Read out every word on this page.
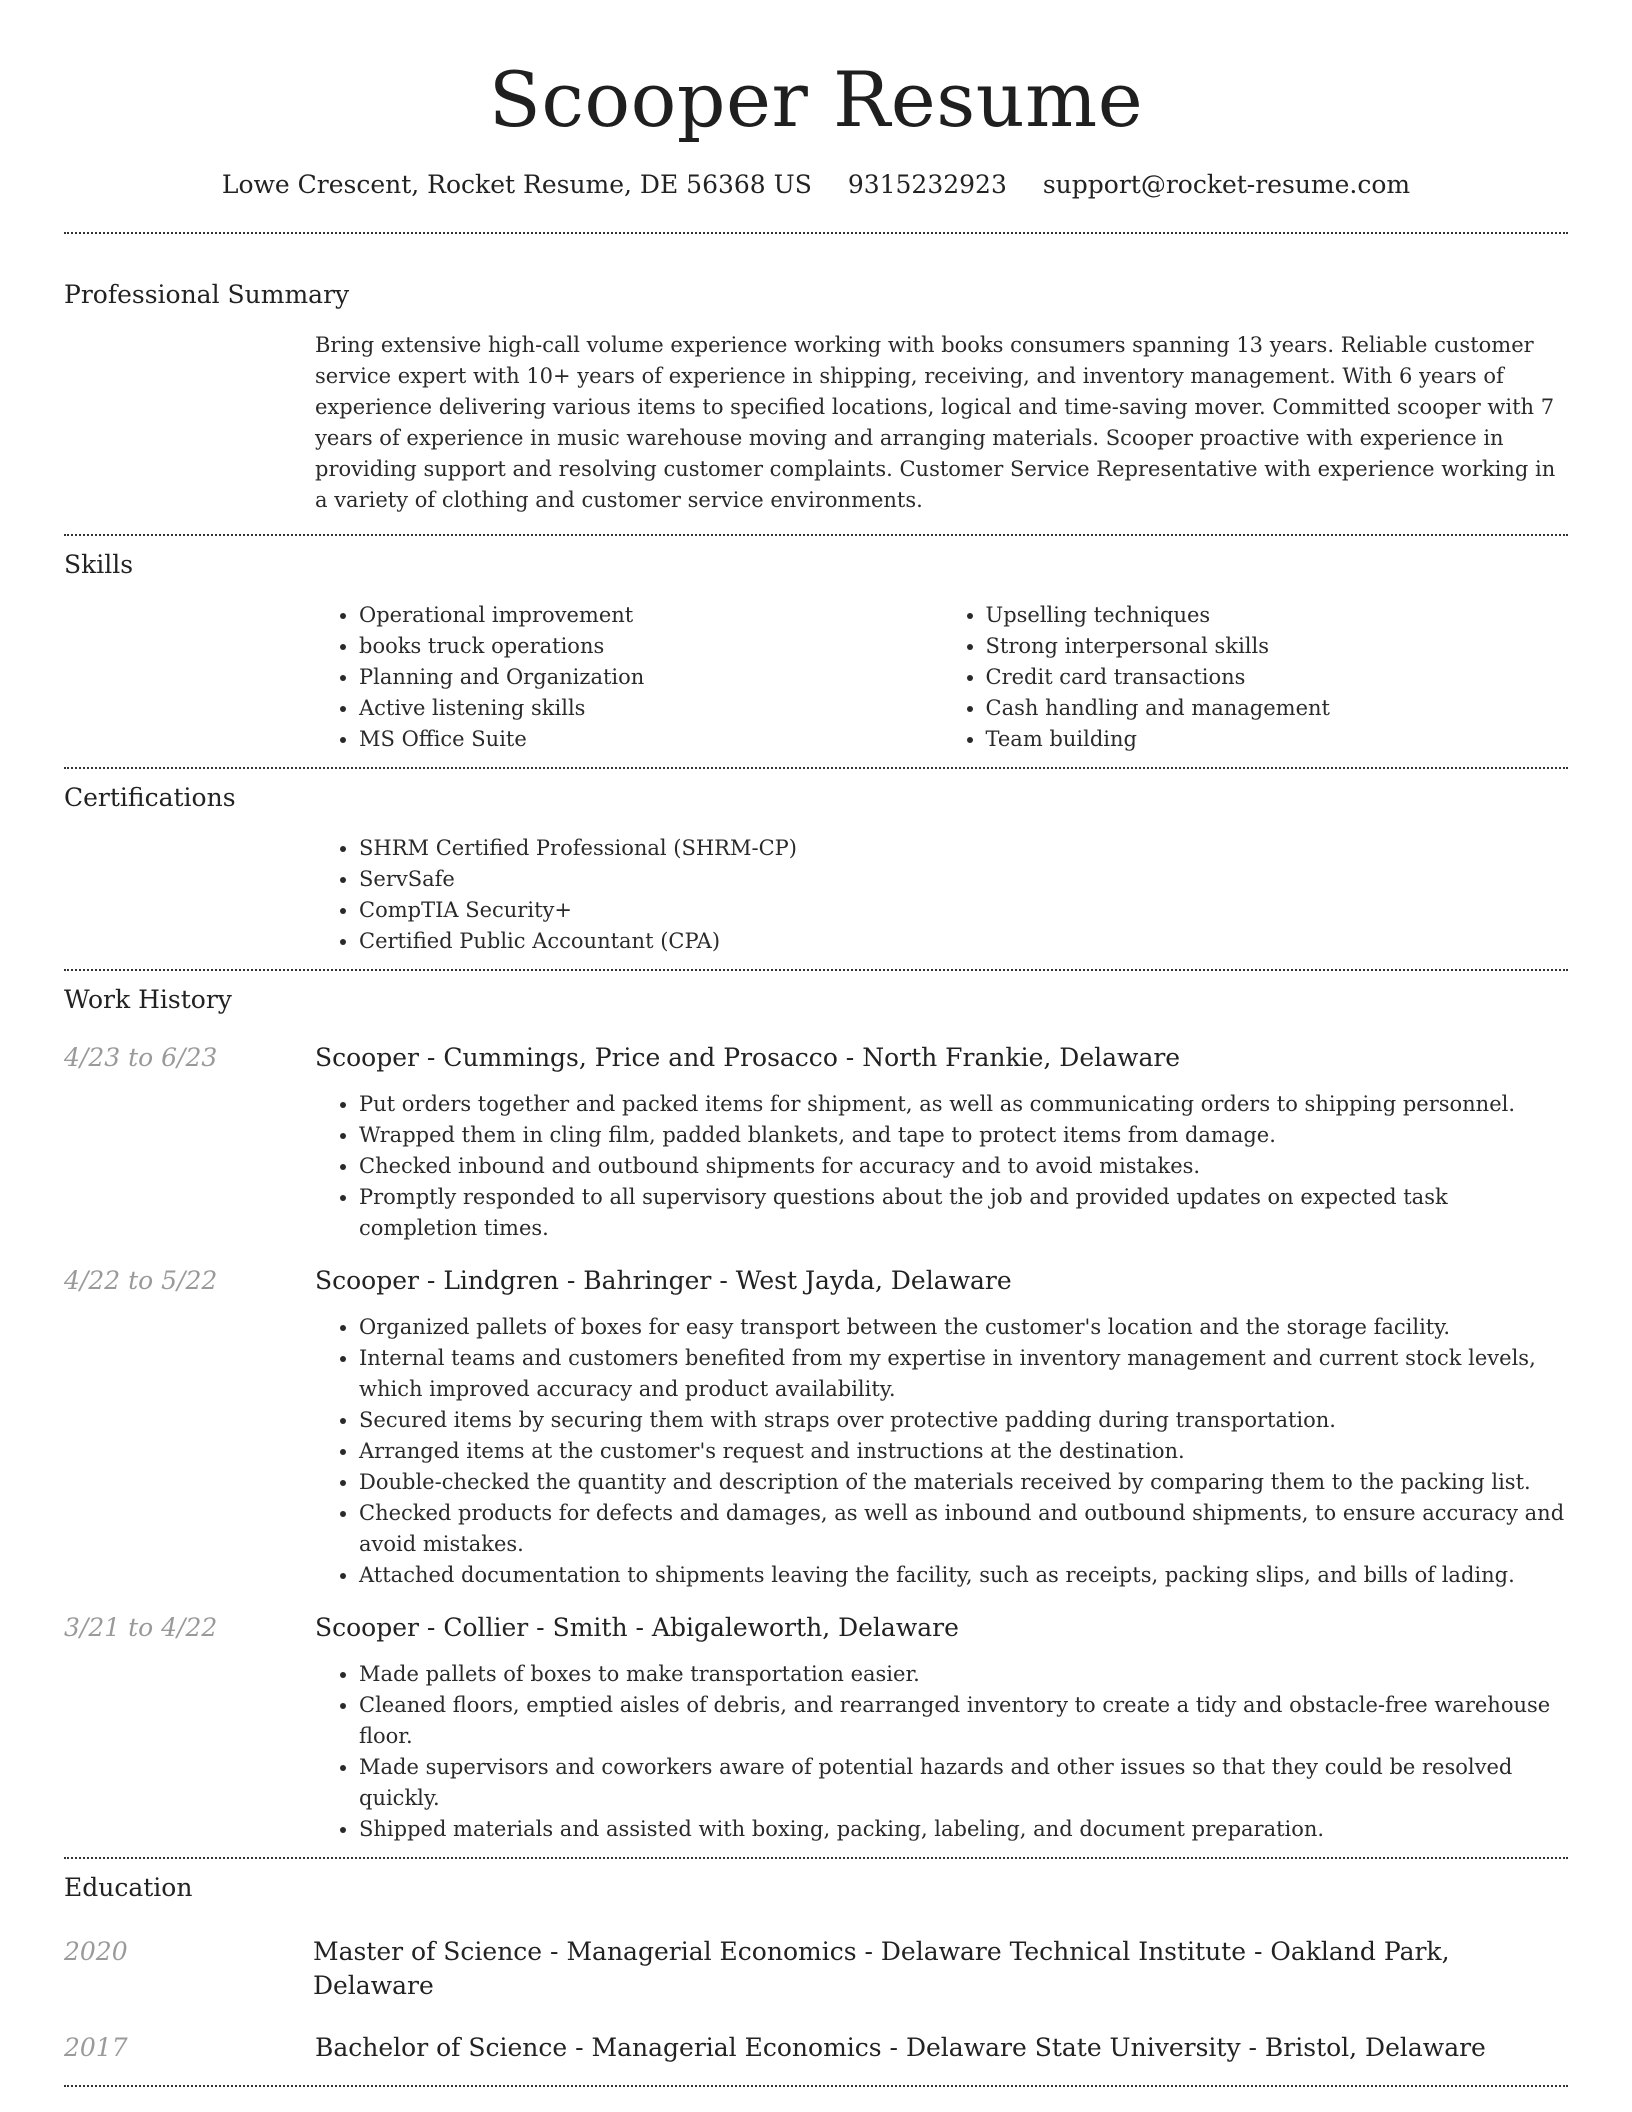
Scooper Resume
Lowe Crescent, Rocket Resume, DE 56368 US 9315232923 support@rocket-resume.com
Professional Summary
Bring extensive high-call volume experience working with books consumers spanning 13 years. Reliable customer service expert with 10+ years of experience in shipping, receiving, and inventory management. With 6 years of experience delivering various items to specified locations, logical and time-saving mover. Committed scooper with 7 years of experience in music warehouse moving and arranging materials. Scooper proactive with experience in providing support and resolving customer complaints. Customer Service Representative with experience working in a variety of clothing and customer service environments.
Skills
• Operational improvement
• books truck operations
• Planning and Organization
• Active listening skills
• MS Office Suite
• Upselling techniques
• Strong interpersonal skills
• Credit card transactions
• Cash handling and management
• Team building
Certifications
• SHRM Certified Professional (SHRM-CP)
• ServSafe
• CompTIA Security+
• Certified Public Accountant (CPA)
Work History
4/23 to 6/23	Scooper - Cummings, Price and Prosacco - North Frankie, Delaware
• Put orders together and packed items for shipment, as well as communicating orders to shipping personnel.
• Wrapped them in cling film, padded blankets, and tape to protect items from damage.
• Checked inbound and outbound shipments for accuracy and to avoid mistakes.
• Promptly responded to all supervisory questions about the job and provided updates on expected task completion times.
4/22 to 5/22	Scooper - Lindgren - Bahringer - West Jayda, Delaware
• Organized pallets of boxes for easy transport between the customer's location and the storage facility.
• Internal teams and customers benefited from my expertise in inventory management and current stock levels, which improved accuracy and product availability.
• Secured items by securing them with straps over protective padding during transportation.
• Arranged items at the customer's request and instructions at the destination.
• Double-checked the quantity and description of the materials received by comparing them to the packing list.
• Checked products for defects and damages, as well as inbound and outbound shipments, to ensure accuracy and avoid mistakes.
• Attached documentation to shipments leaving the facility, such as receipts, packing slips, and bills of lading.
3/21 to 4/22	Scooper - Collier - Smith - Abigaleworth, Delaware
• Made pallets of boxes to make transportation easier.
• Cleaned floors, emptied aisles of debris, and rearranged inventory to create a tidy and obstacle-free warehouse floor.
• Made supervisors and coworkers aware of potential hazards and other issues so that they could be resolved quickly.
• Shipped materials and assisted with boxing, packing, labeling, and document preparation.
Education
2020	Master of Science - Managerial Economics - Delaware Technical Institute - Oakland Park, Delaware
2017	Bachelor of Science - Managerial Economics - Delaware State University - Bristol, Delaware
